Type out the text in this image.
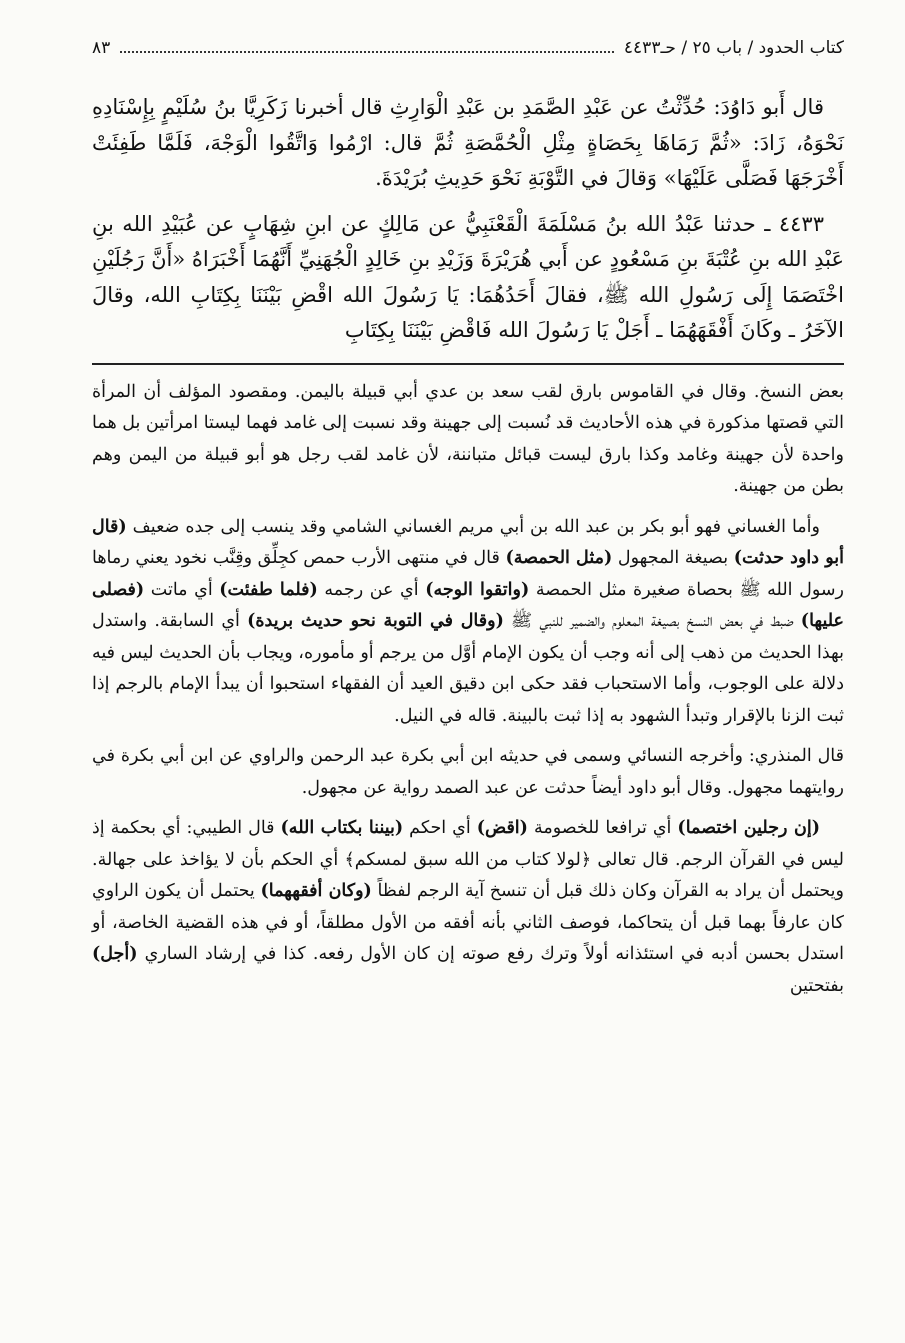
كتاب الحدود / باب ٢٥ / حـ٤٤٣٣
٨٣

قال أَبو دَاوُدَ: حُدِّثْتُ عن عَبْدِ الصَّمَدِ بن عَبْدِ الْوَارِثِ قال أخبرنا زَكَرِيَّا بنُ سُلَيْمٍ بِإِسْنَادِهِ نَحْوَهُ، زَادَ: «ثُمَّ رَمَاهَا بِحَصَاةٍ مِثْلِ الْحُمَّصَةِ ثُمَّ قال: ارْمُوا وَاتَّقُوا الْوَجْهَ، فَلَمَّا طَفِئَتْ أَخْرَجَهَا فَصَلَّى عَلَيْهَا» وَقالَ في التَّوْبَةِ نَحْوَ حَدِيثِ بُرَيْدَةَ.

٤٤٣٣ ـ حدثنا عَبْدُ الله بنُ مَسْلَمَةَ الْقَعْنَبِيُّ عن مَالِكٍ عن ابنِ شِهَابٍ عن عُبَيْدِ الله بنِ عَبْدِ الله بنِ عُتْبَةَ بنِ مَسْعُودٍ عن أَبي هُرَيْرَةَ وَزَيْدِ بنِ خَالِدٍ الْجُهَنِيِّ أَنَّهُمَا أَخْبَرَاهُ «أَنَّ رَجُلَيْنِ اخْتَصَمَا إِلَى رَسُولِ الله ﷺ، فقالَ أَحَدُهُمَا: يَا رَسُولَ الله اقْضِ بَيْنَنَا بِكِتَابِ الله، وقالَ الآخَرُ ـ وكَانَ أَفْقَهَهُمَا ـ أَجَلْ يَا رَسُولَ الله فَاقْضِ بَيْنَنَا بِكِتَابِ

بعض النسخ. وقال في القاموس بارق لقب سعد بن عدي أبي قبيلة باليمن. ومقصود المؤلف أن المرأة التي قصتها مذكورة في هذه الأحاديث قد نُسبت إلى جهينة وقد نسبت إلى غامد فهما ليستا امرأتين بل هما واحدة لأن جهينة وغامد وكذا بارق ليست قبائل متباننة، لأن غامد لقب رجل هو أبو قبيلة من اليمن وهم بطن من جهينة.

وأما الغساني فهو أبو بكر بن عبد الله بن أبي مريم الغساني الشامي وقد ينسب إلى جده ضعيف (قال أبو داود حدثت) بصيغة المجهول (مثل الحمصة) قال في منتهى الأرب حمص كجِلِّق وقِنَّب نخود يعني رماها رسول الله ﷺ بحصاة صغيرة مثل الحمصة (واتقوا الوجه) أي عن رجمه (فلما طفئت) أي ماتت (فصلى عليها) ضبط في بعض النسخ بصيغة المعلوم والضمير للنبي ﷺ (وقال في التوبة نحو حديث بريدة) أي السابقة. واستدل بهذا الحديث من ذهب إلى أنه وجب أن يكون الإمام أوَّل من يرجم أو مأموره، ويجاب بأن الحديث ليس فيه دلالة على الوجوب، وأما الاستحباب فقد حكى ابن دقيق العيد أن الفقهاء استحبوا أن يبدأ الإمام بالرجم إذا ثبت الزنا بالإقرار وتبدأ الشهود به إذا ثبت بالبينة. قاله في النيل.

قال المنذري: وأخرجه النسائي وسمى في حديثه ابن أبي بكرة عبد الرحمن والراوي عن ابن أبي بكرة في روايتهما مجهول. وقال أبو داود أيضاً حدثت عن عبد الصمد رواية عن مجهول.

(إن رجلين اختصما) أي ترافعا للخصومة (اقض) أي احكم (بيننا بكتاب الله) قال الطيبي: أي بحكمة إذ ليس في القرآن الرجم. قال تعالى ﴿لولا كتاب من الله سبق لمسكم﴾ أي الحكم بأن لا يؤاخذ على جهالة. ويحتمل أن يراد به القرآن وكان ذلك قبل أن تنسخ آية الرجم لفظاً (وكان أفقههما) يحتمل أن يكون الراوي كان عارفاً بهما قبل أن يتحاكما، فوصف الثاني بأنه أفقه من الأول مطلقاً، أو في هذه القضية الخاصة، أو استدل بحسن أدبه في استئذانه أولاً وترك رفع صوته إن كان الأول رفعه. كذا في إرشاد الساري (أجل) بفتحتين
